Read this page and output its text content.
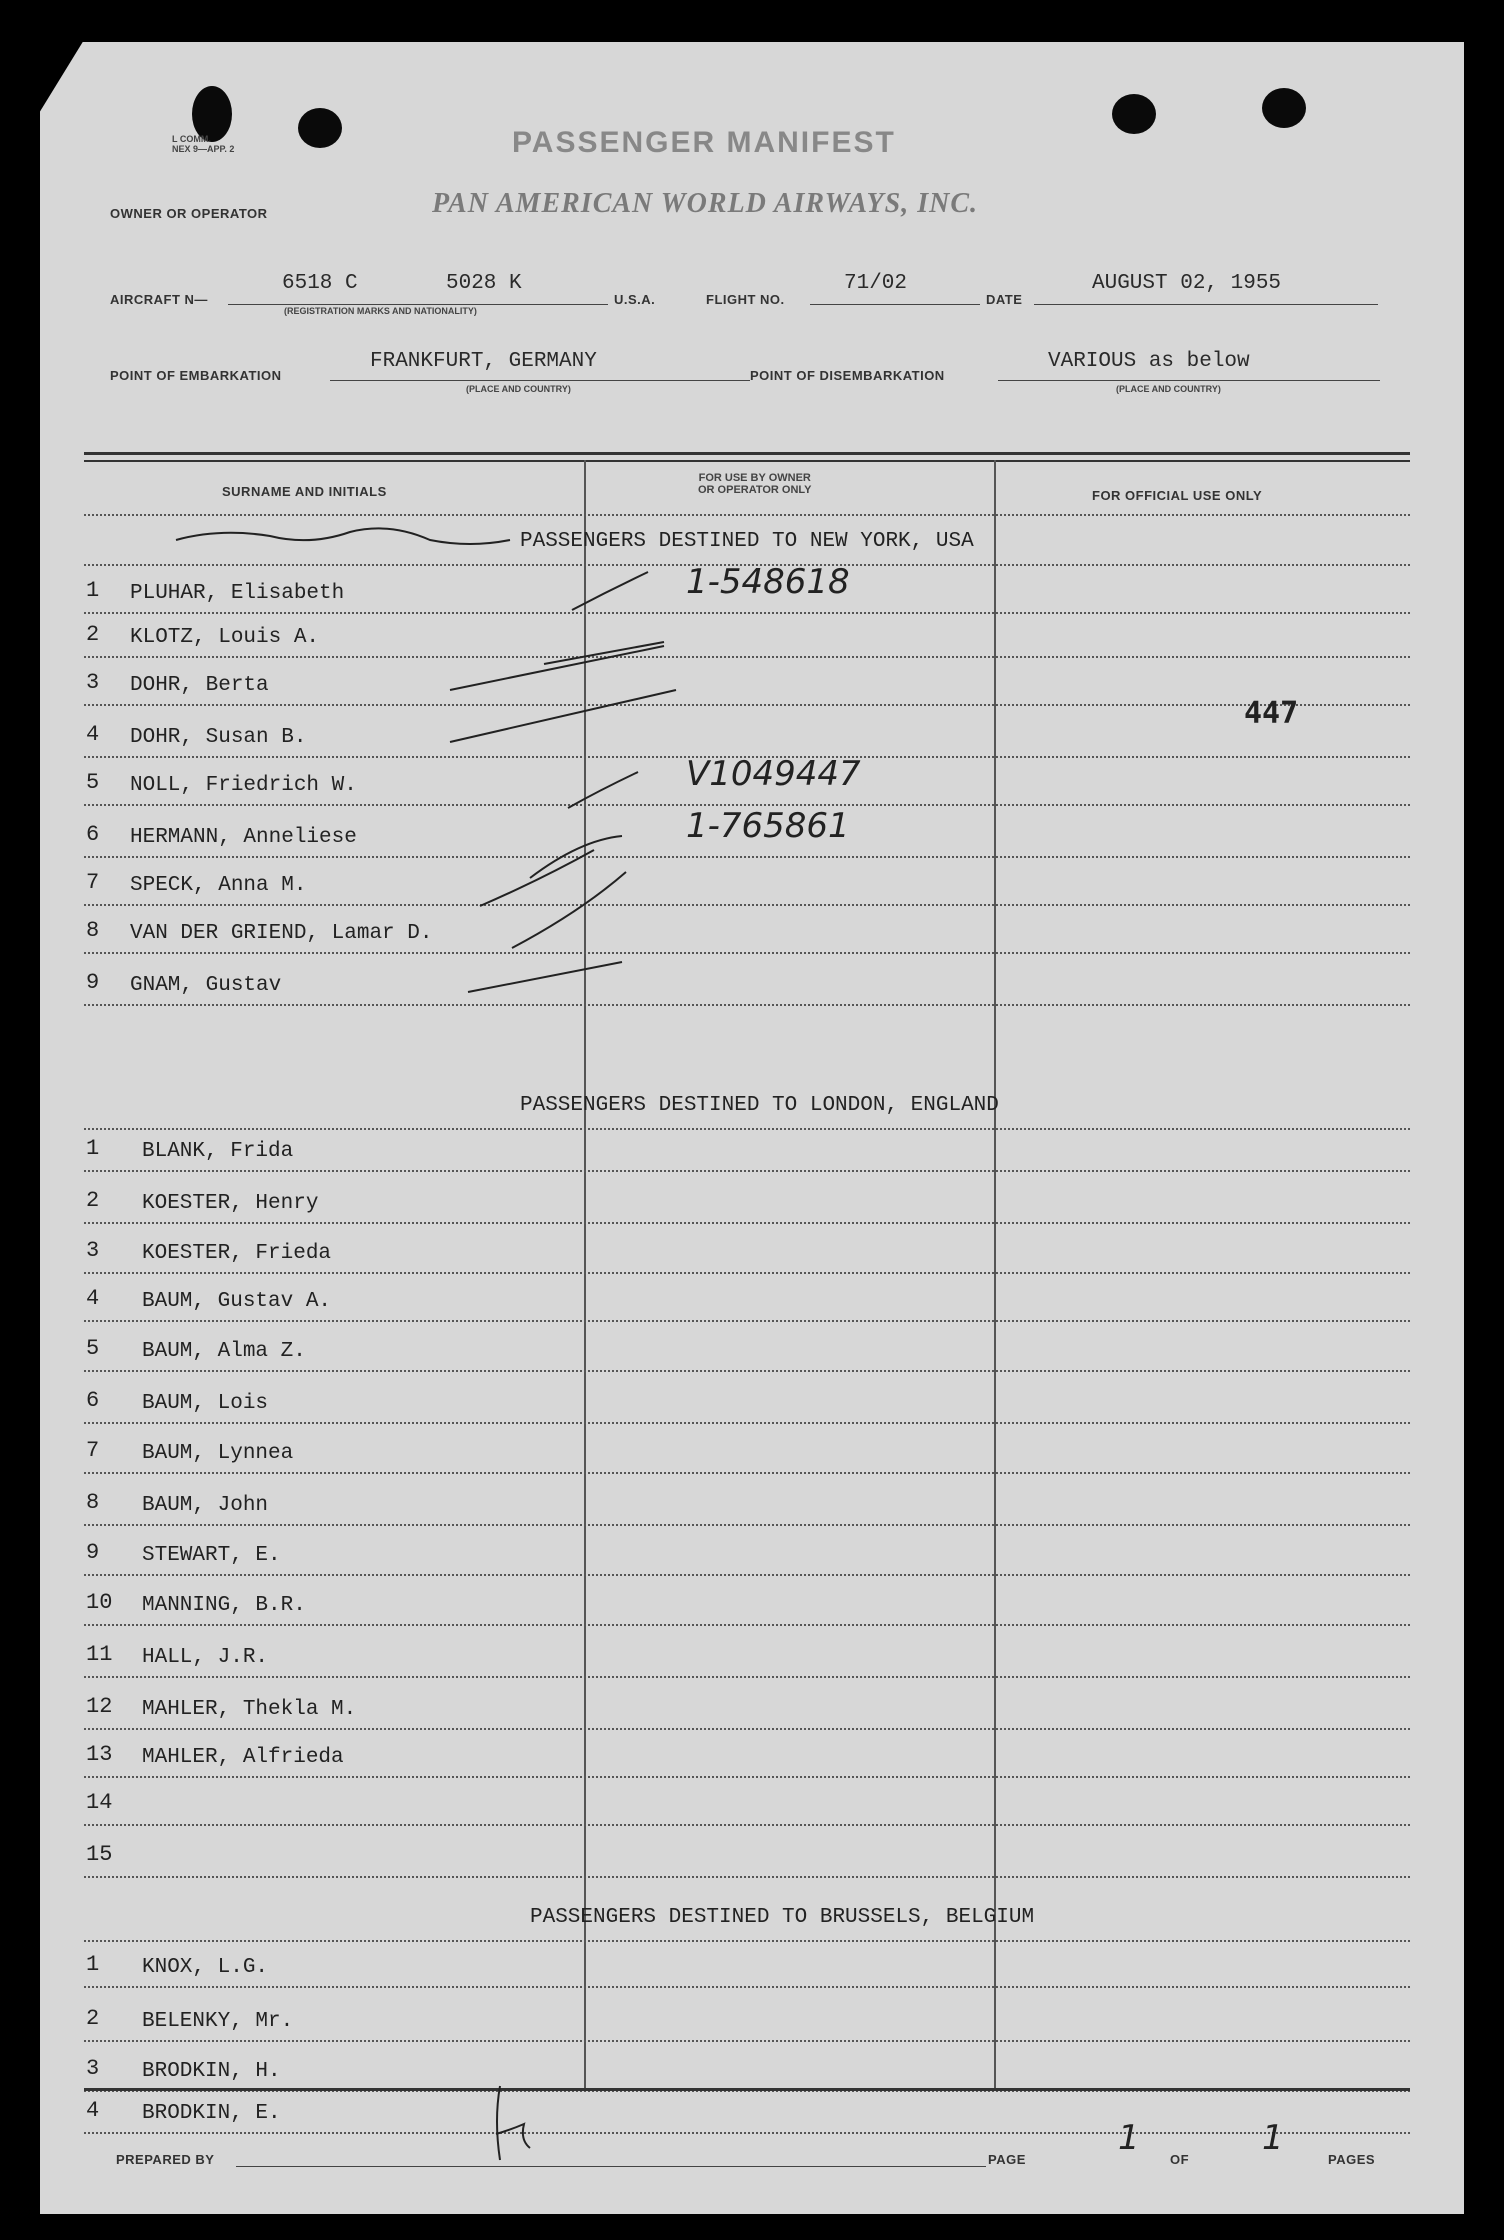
L COMM.
NEX 9—APP. 2	PASSENGER MANIFEST
OWNER OR OPERATOR	PAN AMERICAN WORLD AIRWAYS, INC.
AIRCRAFT N—
6518 C	5028 K
(REGISTRATION MARKS AND NATIONALITY)
U.S.A.	FLIGHT NO.
71/02
DATE
AUGUST 02, 1955
POINT OF EMBARKATION
FRANKFURT, GERMANY
(PLACE AND COUNTRY)
POINT OF DISEMBARKATION
VARIOUS as below
(PLACE AND COUNTRY)
SURNAME AND INITIALS
FOR USE BY OWNER
OR OPERATOR ONLY	FOR OFFICIAL USE ONLY
PASSENGERS DESTINED TO NEW YORK, USA
1 PLUHAR, Elisabeth	1-548618
2 KLOTZ, Louis A.
3 DOHR, Berta
4 DOHR, Susan B.
5 NOLL, Friedrich W.	V1049447
6 HERMANN, Anneliese	1-765861
7 SPECK, Anna M.
8 VAN DER GRIEND, Lamar D.
9 GNAM, Gustav
PASSENGERS DESTINED TO LONDON, ENGLAND
1 BLANK, Frida
2 KOESTER, Henry
3 KOESTER, Frieda
4 BAUM, Gustav A.
5 BAUM, Alma Z.
6 BAUM, Lois
7 BAUM, Lynnea
8 BAUM, John
9 STEWART, E.
10 MANNING, B.R.
11 HALL, J.R.
12 MAHLER, Thekla M.
13 MAHLER, Alfrieda
14
15
PASSENGERS DESTINED TO BRUSSELS, BELGIUM
1 KNOX, L.G.
2 BELENKY, Mr.
3 BRODKIN, H.
4 BRODKIN, E.
447
PREPARED BY	PAGE
1
OF
1
PAGES
